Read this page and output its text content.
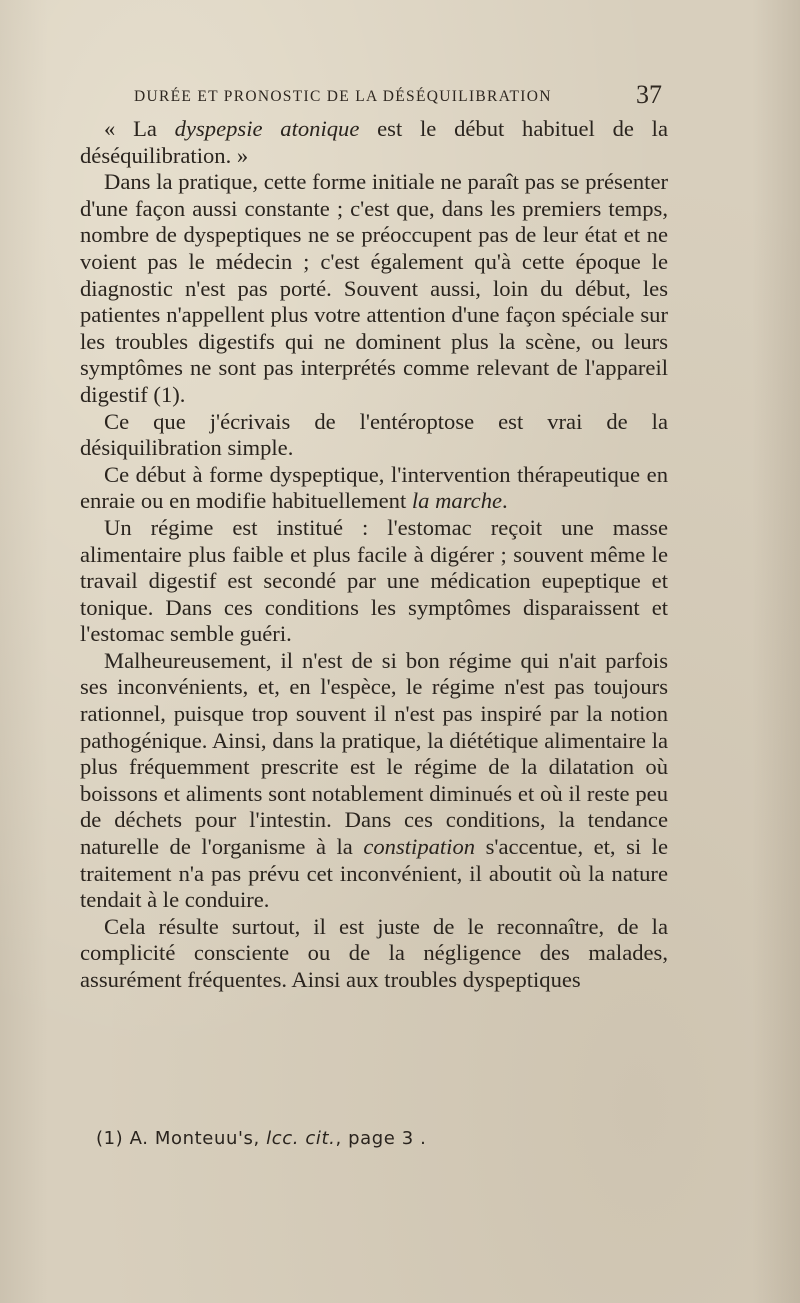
DURÉE ET PRONOSTIC DE LA DÉSÉQUILIBRATION	37

« La dyspepsie atonique est le début habituel de la déséquilibration. »

Dans la pratique, cette forme initiale ne paraît pas se présenter d'une façon aussi constante ; c'est que, dans les premiers temps, nombre de dyspeptiques ne se préoccupent pas de leur état et ne voient pas le médecin ; c'est également qu'à cette époque le diagnostic n'est pas porté. Souvent aussi, loin du début, les patientes n'appellent plus votre attention d'une façon spéciale sur les troubles digestifs qui ne dominent plus la scène, ou leurs symptômes ne sont pas interprétés comme relevant de l'appareil digestif (1).

Ce que j'écrivais de l'entéroptose est vrai de la désiquilibration simple.

Ce début à forme dyspeptique, l'intervention thérapeutique en enraie ou en modifie habituellement la marche.

Un régime est institué : l'estomac reçoit une masse alimentaire plus faible et plus facile à digérer ; souvent même le travail digestif est secondé par une médication eupeptique et tonique. Dans ces conditions les symptômes disparaissent et l'estomac semble guéri.

Malheureusement, il n'est de si bon régime qui n'ait parfois ses inconvénients, et, en l'espèce, le régime n'est pas toujours rationnel, puisque trop souvent il n'est pas inspiré par la notion pathogénique. Ainsi, dans la pratique, la diététique alimentaire la plus fréquemment prescrite est le régime de la dilatation où boissons et aliments sont notablement diminués et où il reste peu de déchets pour l'intestin. Dans ces conditions, la tendance naturelle de l'organisme à la constipation s'accentue, et, si le traitement n'a pas prévu cet inconvénient, il aboutit où la nature tendait à le conduire.

Cela résulte surtout, il est juste de le reconnaître, de la complicité consciente ou de la négligence des malades, assurément fréquentes. Ainsi aux troubles dyspeptiques

(1) A. Monteuu's, lcc. cit., page 3 .
